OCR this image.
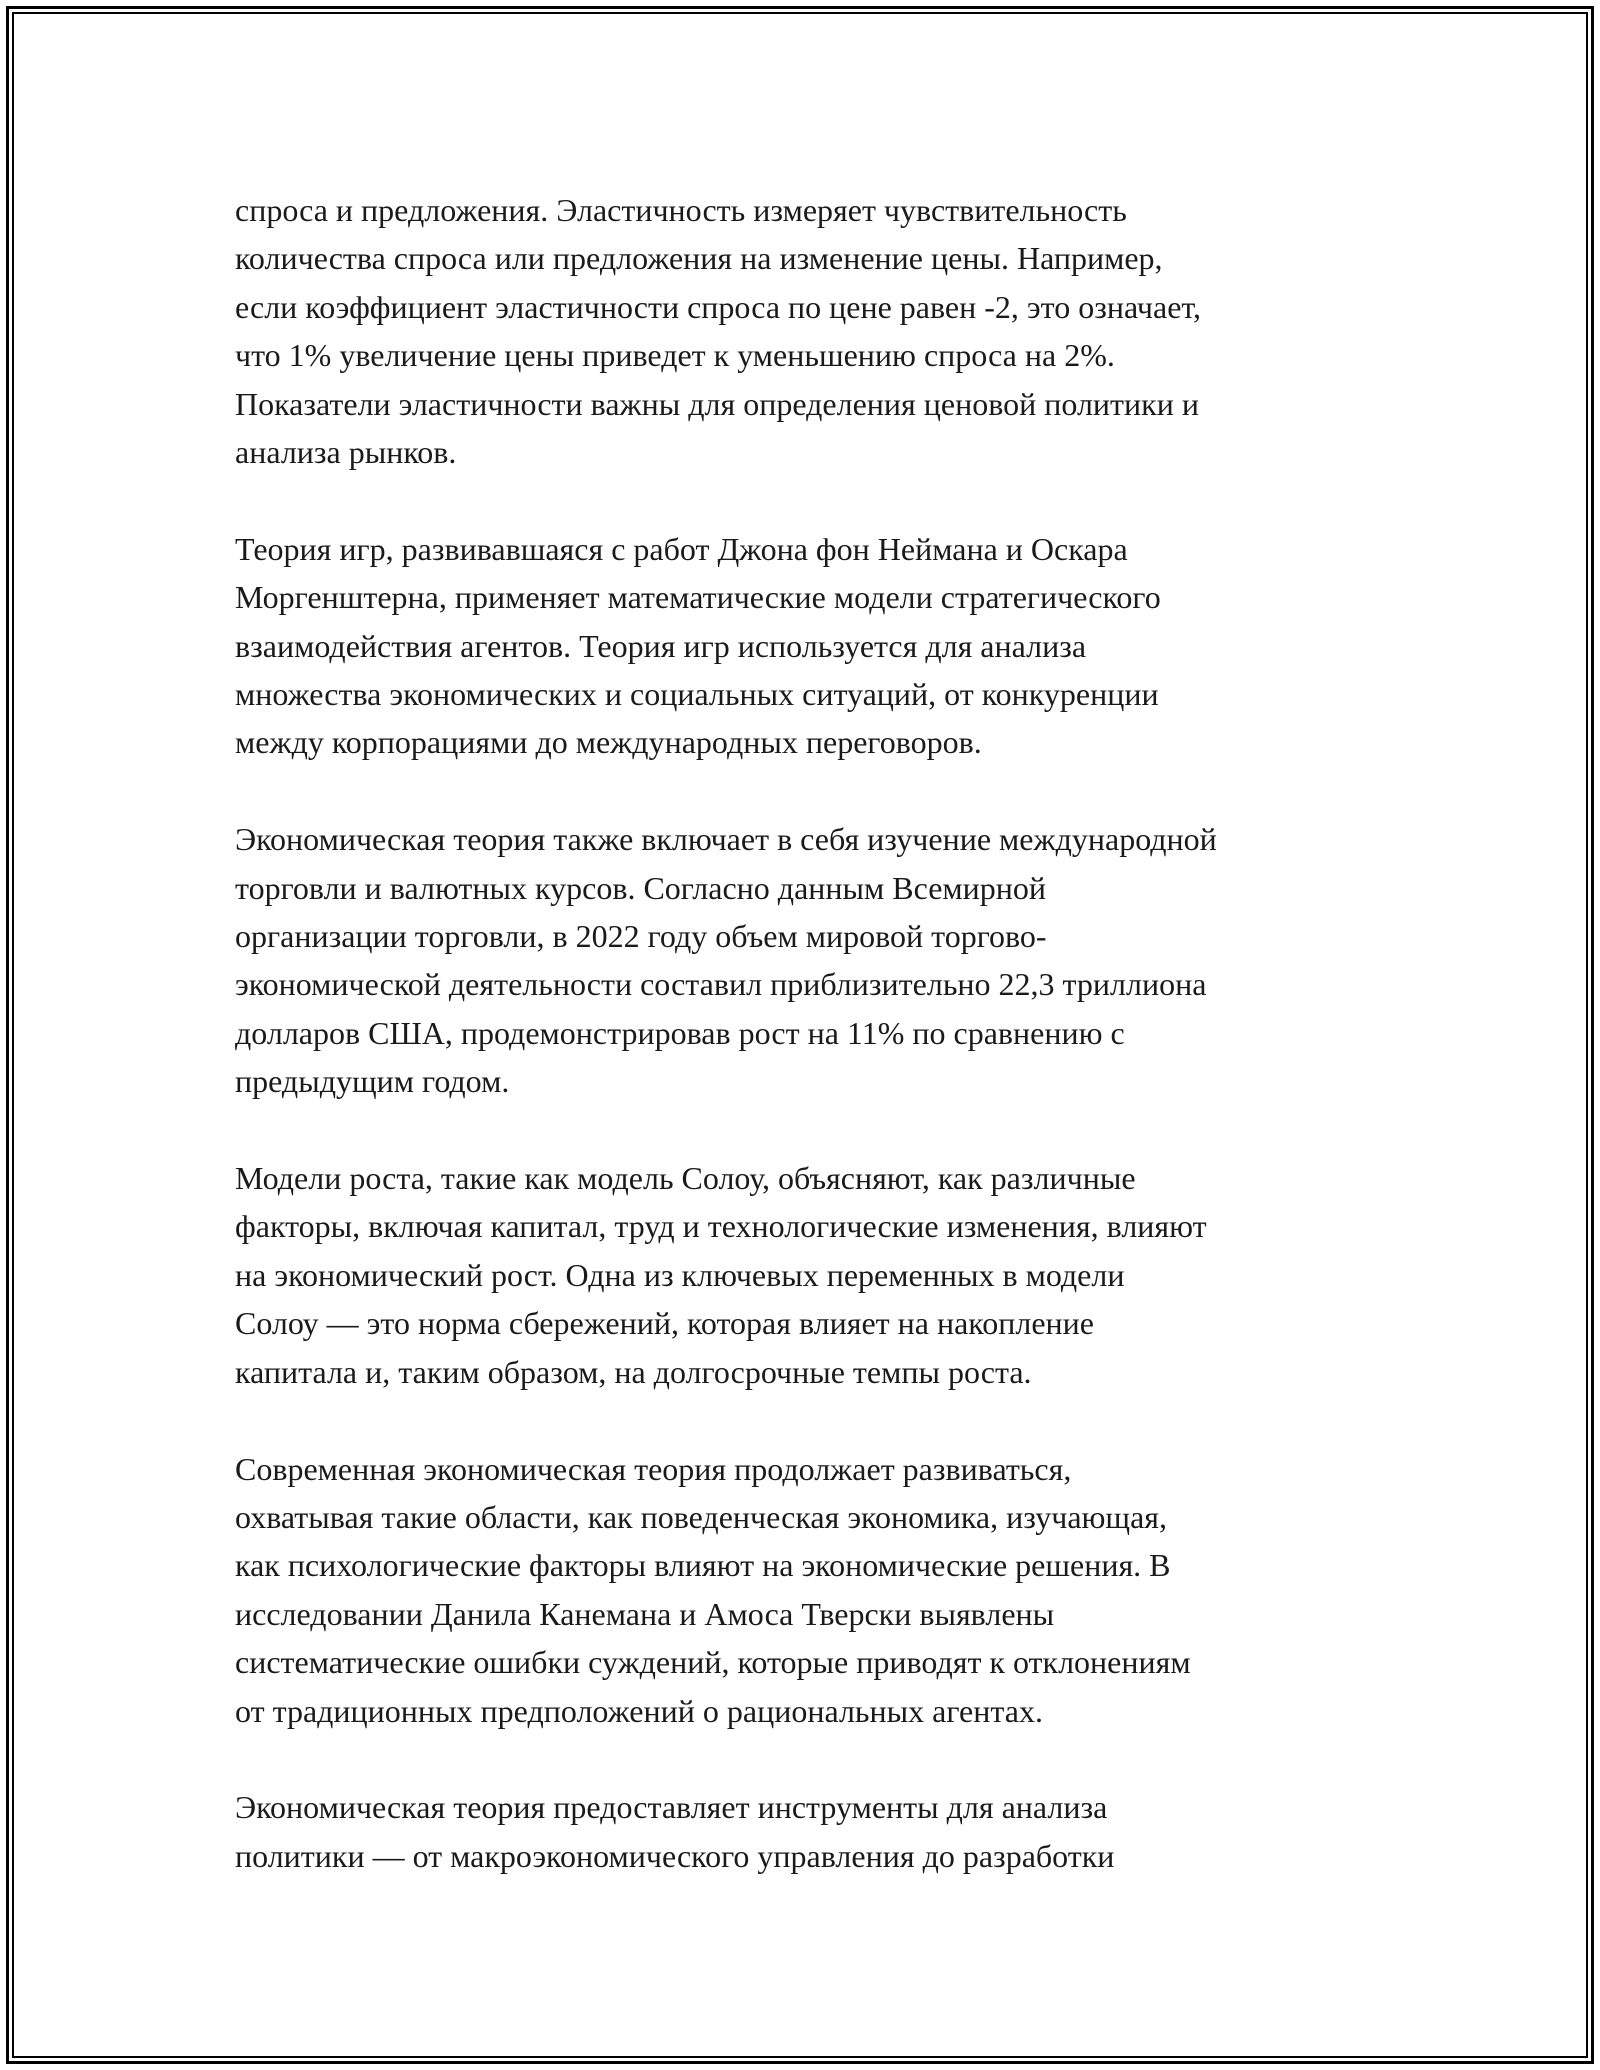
спроса и предложения. Эластичность измеряет чувствительность
количества спроса или предложения на изменение цены. Например,
если коэффициент эластичности спроса по цене равен -2, это означает,
что 1% увеличение цены приведет к уменьшению спроса на 2%.
Показатели эластичности важны для определения ценовой политики и
анализа рынков.

Теория игр, развивавшаяся с работ Джона фон Неймана и Оскара
Моргенштерна, применяет математические модели стратегического
взаимодействия агентов. Теория игр используется для анализа
множества экономических и социальных ситуаций, от конкуренции
между корпорациями до международных переговоров.

Экономическая теория также включает в себя изучение международной
торговли и валютных курсов. Согласно данным Всемирной
организации торговли, в 2022 году объем мировой торгово-
экономической деятельности составил приблизительно 22,3 триллиона
долларов США, продемонстрировав рост на 11% по сравнению с
предыдущим годом.

Модели роста, такие как модель Солоу, объясняют, как различные
факторы, включая капитал, труд и технологические изменения, влияют
на экономический рост. Одна из ключевых переменных в модели
Солоу — это норма сбережений, которая влияет на накопление
капитала и, таким образом, на долгосрочные темпы роста.

Современная экономическая теория продолжает развиваться,
охватывая такие области, как поведенческая экономика, изучающая,
как психологические факторы влияют на экономические решения. В
исследовании Данила Канемана и Амоса Тверски выявлены
систематические ошибки суждений, которые приводят к отклонениям
от традиционных предположений о рациональных агентах.

Экономическая теория предоставляет инструменты для анализа
политики — от макроэкономического управления до разработки
